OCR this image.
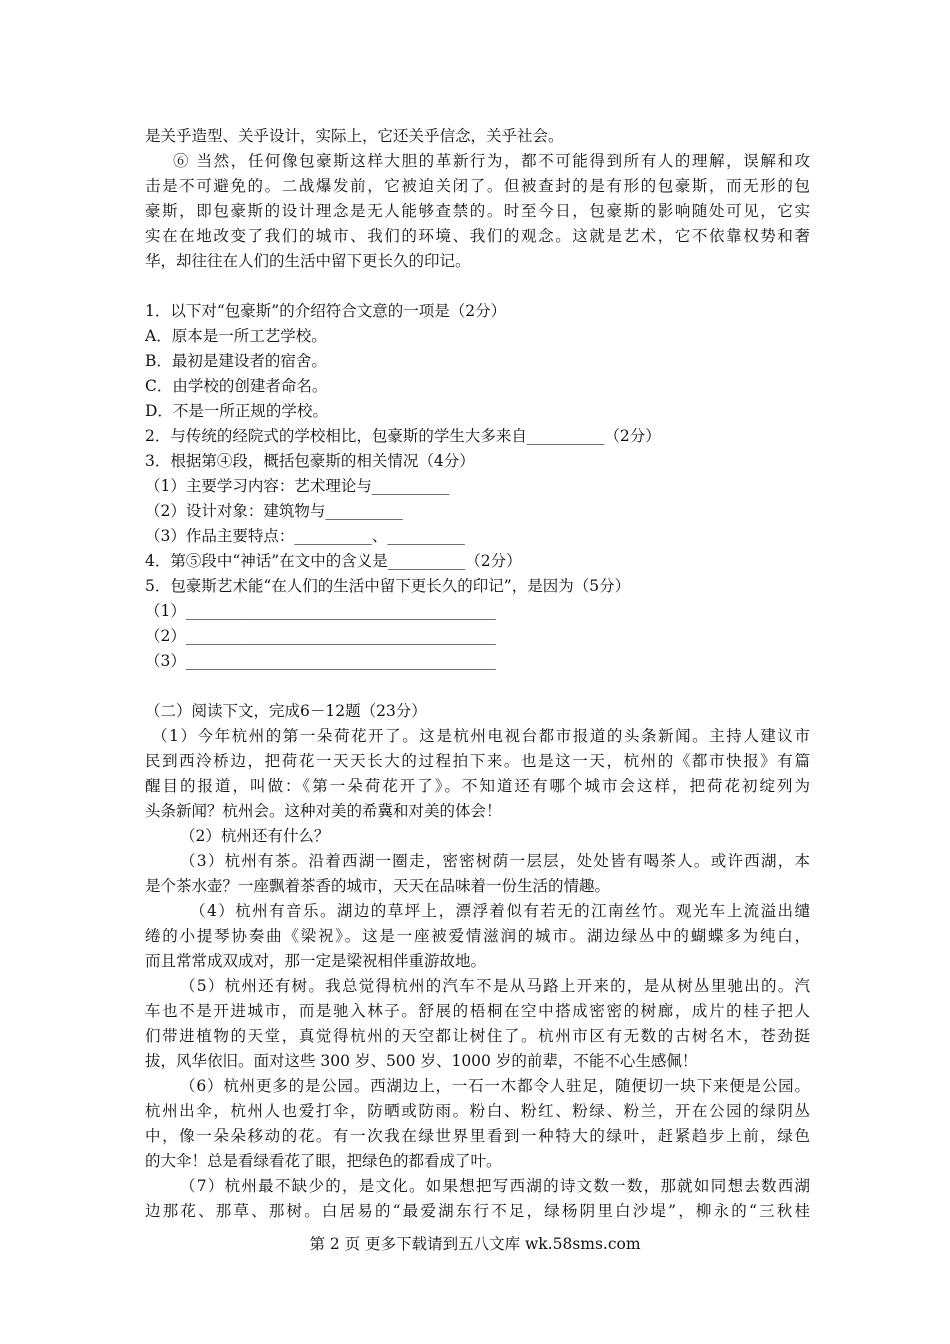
是关乎造型、关乎设计，实际上，它还关乎信念，关乎社会。
⑥ 当然，任何像包豪斯这样大胆的革新行为，都不可能得到所有人的理解，误解和攻
击是不可避免的。二战爆发前，它被迫关闭了。但被查封的是有形的包豪斯，而无形的包
豪斯，即包豪斯的设计理念是无人能够查禁的。时至今日，包豪斯的影响随处可见，它实
实在在地改变了我们的城市、我们的环境、我们的观念。这就是艺术，它不依靠权势和奢
华，却往往在人们的生活中留下更长久的印记。
1．以下对“包豪斯”的介绍符合文意的一项是（2分）
A．原本是一所工艺学校。
B．最初是建设者的宿舍。
C．由学校的创建者命名。
D．不是一所正规的学校。
2．与传统的经院式的学校相比，包豪斯的学生大多来自__________（2分）
3．根据第④段，概括包豪斯的相关情况（4分）
（1）主要学习内容：艺术理论与__________
（2）设计对象：建筑物与__________
（3）作品主要特点：__________、__________
4．第⑤段中“神话”在文中的含义是__________（2分）
5．包豪斯艺术能“在人们的生活中留下更长久的印记”，是因为（5分）
（1）________________________________________
（2）________________________________________
（3）________________________________________
（二）阅读下文，完成6－12题（23分）
（1）今年杭州的第一朵荷花开了。这是杭州电视台都市报道的头条新闻。主持人建议市
民到西泠桥边，把荷花一天天长大的过程拍下来。也是这一天，杭州的《都市快报》有篇
醒目的报道，叫做：《第一朵荷花开了》。不知道还有哪个城市会这样，把荷花初绽列为
头条新闻？杭州会。这种对美的希冀和对美的体会！
（2）杭州还有什么？
（3）杭州有茶。沿着西湖一圈走，密密树荫一层层，处处皆有喝茶人。或许西湖，本
是个茶水壶？一座飘着茶香的城市，天天在品味着一份生活的情趣。
（4）杭州有音乐。湖边的草坪上，漂浮着似有若无的江南丝竹。观光车上流溢出缱
绻的小提琴协奏曲《梁祝》。这是一座被爱情滋润的城市。湖边绿丛中的蝴蝶多为纯白，
而且常常成双成对，那一定是梁祝相伴重游故地。
（5）杭州还有树。我总觉得杭州的汽车不是从马路上开来的，是从树丛里驰出的。汽
车也不是开进城市，而是驰入林子。舒展的梧桐在空中搭成密密的树廊，成片的桂子把人
们带进植物的天堂，真觉得杭州的天空都让树住了。杭州市区有无数的古树名木，苍劲挺
拔，风华依旧。面对这些 300 岁、500 岁、1000 岁的前辈，不能不心生感佩！
（6）杭州更多的是公园。西湖边上，一石一木都令人驻足，随便切一块下来便是公园。
杭州出伞，杭州人也爱打伞，防晒或防雨。粉白、粉红、粉绿、粉兰，开在公园的绿阴丛
中，像一朵朵移动的花。有一次我在绿世界里看到一种特大的绿叶，赶紧趋步上前，绿色
的大伞！总是看绿看花了眼，把绿色的都看成了叶。
（7）杭州最不缺少的，是文化。如果想把写西湖的诗文数一数，那就如同想去数西湖
边那花、那草、那树。白居易的“最爱湖东行不足，绿杨阴里白沙堤”，柳永的“三秋桂
第 2 页 更多下载请到五八文库 wk.58sms.com
